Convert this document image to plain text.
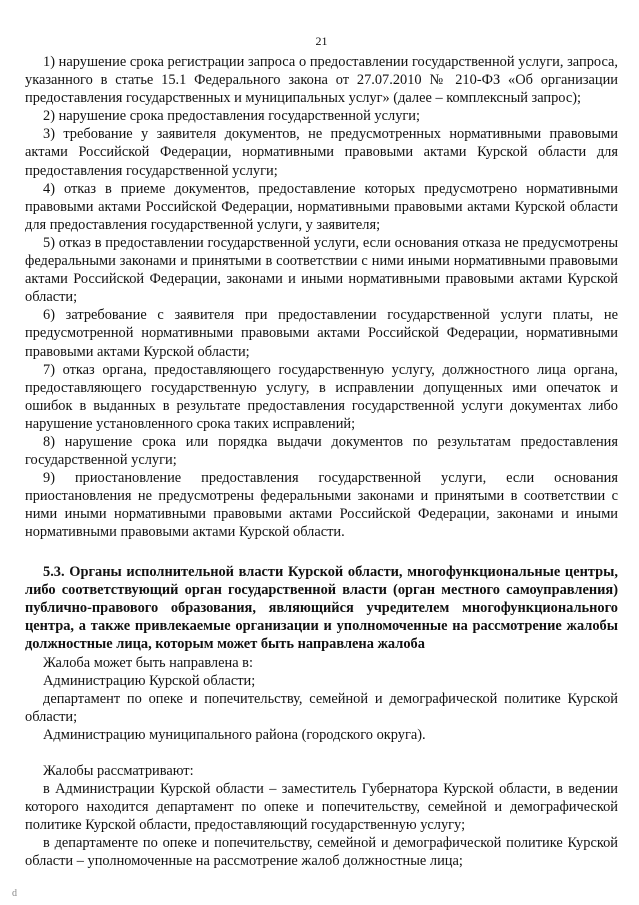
21

1) нарушение срока регистрации запроса о предоставлении государственной услуги, запроса, указанного в статье 15.1 Федерального закона от 27.07.2010 № 210-ФЗ «Об организации предоставления государственных и муниципальных услуг» (далее – комплексный запрос);

2) нарушение срока предоставления государственной услуги;

3) требование у заявителя документов, не предусмотренных нормативными правовыми актами Российской Федерации, нормативными правовыми актами Курской области для предоставления государственной услуги;

4) отказ в приеме документов, предоставление которых предусмотрено нормативными правовыми актами Российской Федерации, нормативными правовыми актами Курской области для предоставления государственной услуги, у заявителя;

5) отказ в предоставлении государственной услуги, если основания отказа не предусмотрены федеральными законами и принятыми в соответствии с ними иными нормативными правовыми актами Российской Федерации, законами и иными нормативными правовыми актами Курской области;

6) затребование с заявителя при предоставлении государственной услуги платы, не предусмотренной нормативными правовыми актами Российской Федерации, нормативными правовыми актами Курской области;

7) отказ органа, предоставляющего государственную услугу, должностного лица органа, предоставляющего государственную услугу, в исправлении допущенных ими опечаток и ошибок в выданных в результате предоставления государственной услуги документах либо нарушение установленного срока таких исправлений;

8) нарушение срока или порядка выдачи документов по результатам предоставления государственной услуги;

9) приостановление предоставления государственной услуги, если основания приостановления не предусмотрены федеральными законами и принятыми в соответствии с ними иными нормативными правовыми актами Российской Федерации, законами и иными нормативными правовыми актами Курской области.

5.3. Органы исполнительной власти Курской области, многофункциональные центры, либо соответствующий орган государственной власти (орган местного самоуправления) публично-правового образования, являющийся учредителем многофункционального центра, а также привлекаемые организации и уполномоченные на рассмотрение жалобы должностные лица, которым может быть направлена жалоба

Жалоба может быть направлена в:

Администрацию Курской области;

департамент по опеке и попечительству, семейной и демографической политике Курской области;

Администрацию муниципального района (городского округа).

Жалобы рассматривают:

в Администрации Курской области – заместитель Губернатора Курской области, в ведении которого находится департамент по опеке и попечительству, семейной и демографической политике Курской области, предоставляющий государственную услугу;

в департаменте по опеке и попечительству, семейной и демографической политике Курской области – уполномоченные на рассмотрение жалоб должностные лица;

d
